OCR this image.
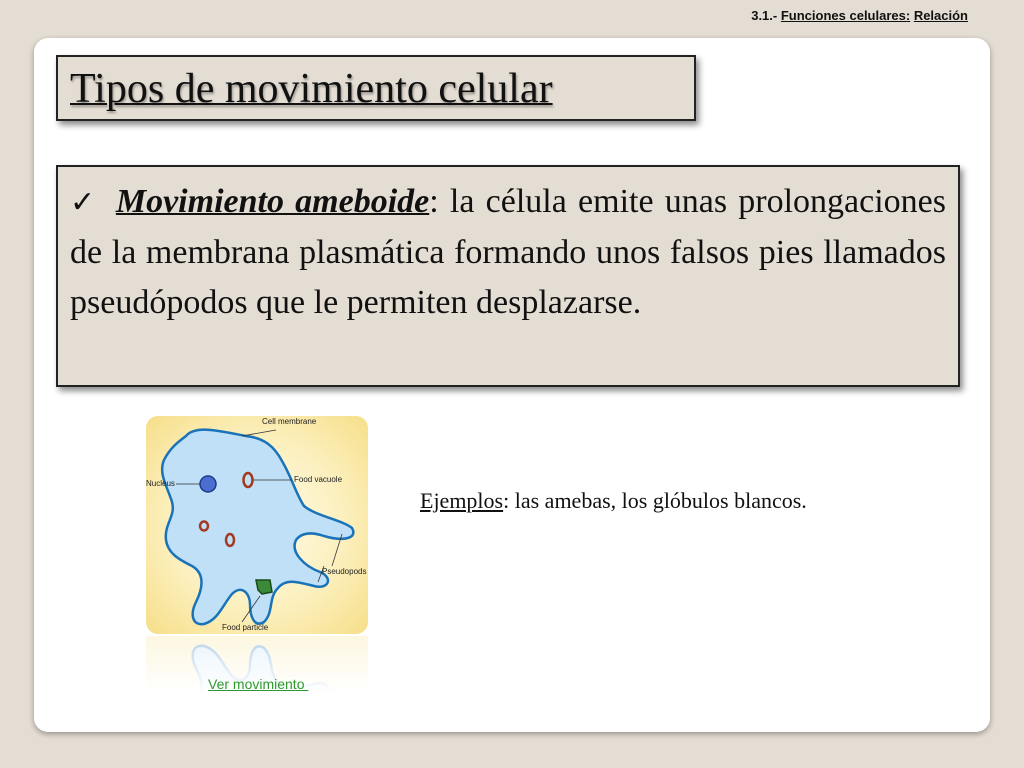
3.1.- Funciones celulares: Relación
Tipos de movimiento celular

✓ Movimiento ameboide: la célula emite unas prolongaciones de la membrana plasmática formando unos falsos pies llamados pseudópodos que le permiten desplazarse.

Cell membrane
Nucleus	Food vacuole
Pseudopods
Food particle
Ver movimiento
Ejemplos: las amebas, los glóbulos blancos.
